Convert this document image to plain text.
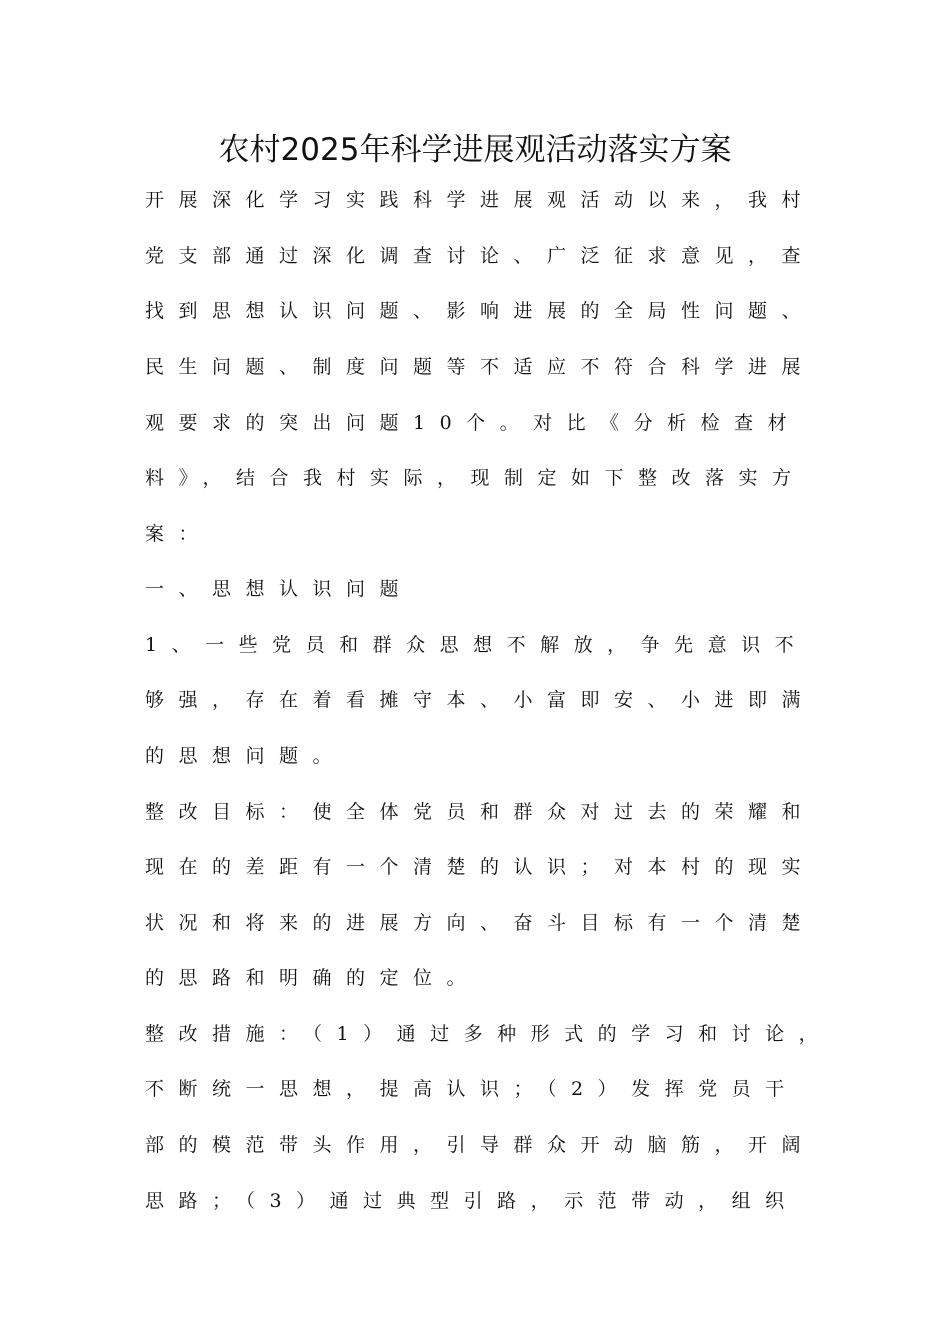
农村2025年科学进展观活动落实方案
开展深化学习实践科学进展观活动以来，我村
党支部通过深化调查讨论、广泛征求意见，查
找到思想认识问题、影响进展的全局性问题、
民生问题、制度问题等不适应不符合科学进展
观要求的突出问题10个。对比《分析检查材
料》，结合我村实际，现制定如下整改落实方
案：
一、思想认识问题
1、一些党员和群众思想不解放，争先意识不
够强，存在着看摊守本、小富即安、小进即满
的思想问题。
整改目标：使全体党员和群众对过去的荣耀和
现在的差距有一个清楚的认识；对本村的现实
状况和将来的进展方向、奋斗目标有一个清楚
的思路和明确的定位。
整改措施：（1）通过多种形式的学习和讨论，
不断统一思想，提高认识；（2）发挥党员干
部的模范带头作用，引导群众开动脑筋，开阔
思路；（3）通过典型引路，示范带动，组织
